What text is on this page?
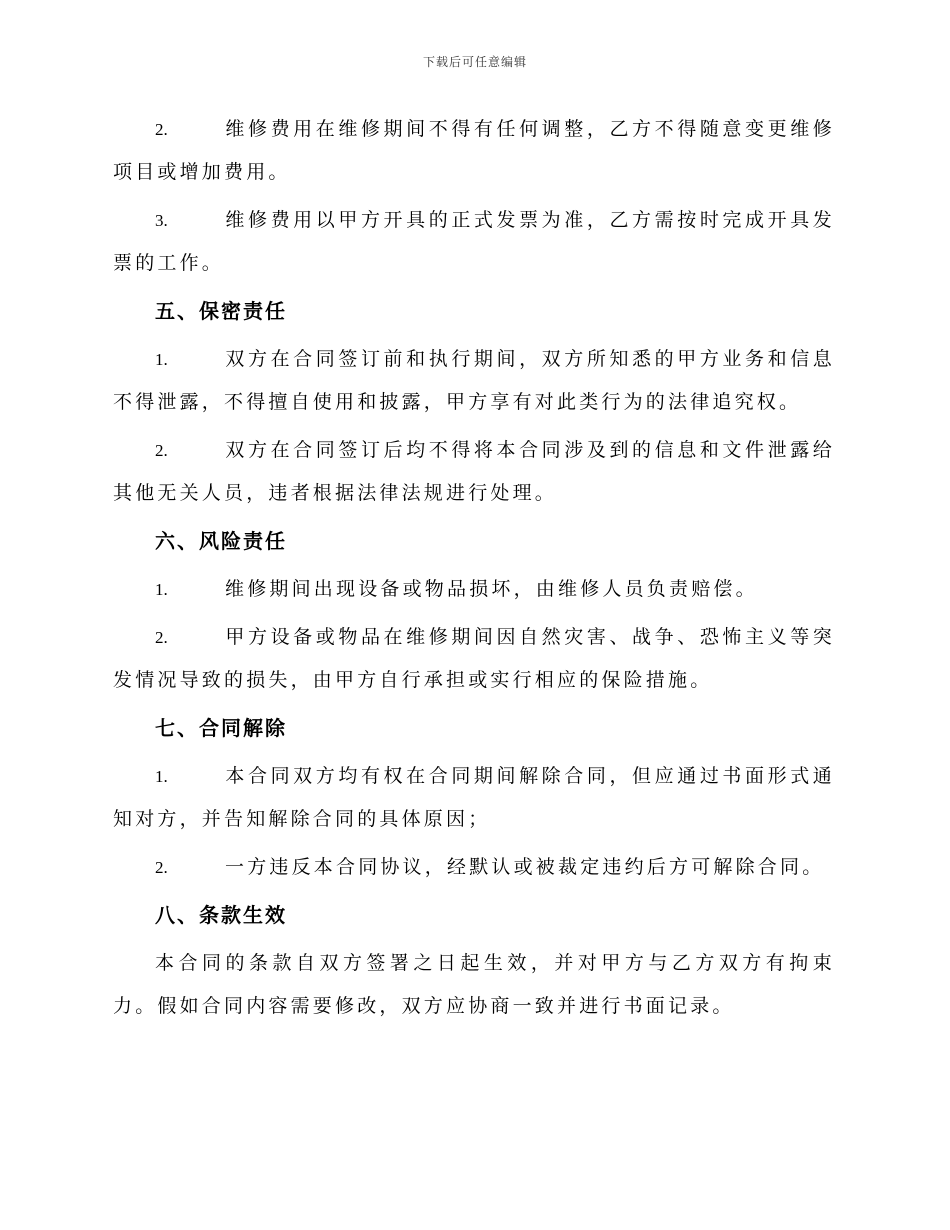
下载后可任意编辑

2.	维修费用在维修期间不得有任何调整，乙方不得随意变更维修项目或增加费用。

3.	维修费用以甲方开具的正式发票为准，乙方需按时完成开具发票的工作。

五、保密责任

1.	双方在合同签订前和执行期间，双方所知悉的甲方业务和信息不得泄露，不得擅自使用和披露，甲方享有对此类行为的法律追究权。

2.	双方在合同签订后均不得将本合同涉及到的信息和文件泄露给其他无关人员，违者根据法律法规进行处理。

六、风险责任

1.	维修期间出现设备或物品损坏，由维修人员负责赔偿。

2.	甲方设备或物品在维修期间因自然灾害、战争、恐怖主义等突发情况导致的损失，由甲方自行承担或实行相应的保险措施。

七、合同解除

1.	本合同双方均有权在合同期间解除合同，但应通过书面形式通知对方，并告知解除合同的具体原因；

2.	一方违反本合同协议，经默认或被裁定违约后方可解除合同。

八、条款生效

本合同的条款自双方签署之日起生效，并对甲方与乙方双方有拘束力。假如合同内容需要修改，双方应协商一致并进行书面记录。
